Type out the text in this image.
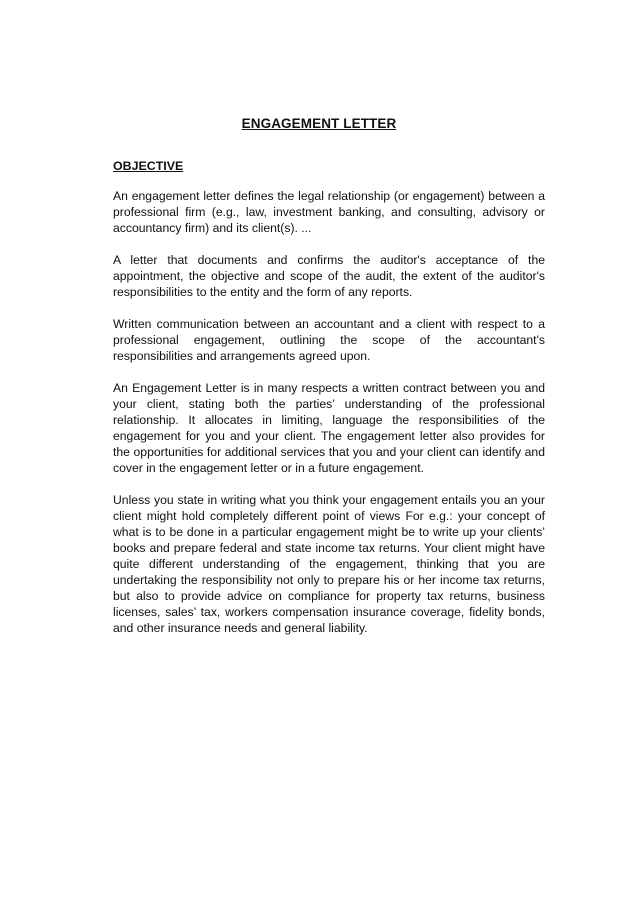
ENGAGEMENT LETTER

OBJECTIVE

An engagement letter defines the legal relationship (or engagement) between a professional firm (e.g., law, investment banking, and consulting, advisory or accountancy firm) and its client(s). ...

A letter that documents and confirms the auditor's acceptance of the appointment, the objective and scope of the audit, the extent of the auditor's responsibilities to the entity and the form of any reports.

Written communication between an accountant and a client with respect to a professional engagement, outlining the scope of the accountant's responsibilities and arrangements agreed upon.

An Engagement Letter is in many respects a written contract between you and your client, stating both the parties’ understanding of the professional relationship. It allocates in limiting, language the responsibilities of the engagement for you and your client. The engagement letter also provides for the opportunities for additional services that you and your client can identify and cover in the engagement letter or in a future engagement.

Unless you state in writing what you think your engagement entails you an your client might hold completely different point of views For e.g.: your concept of what is to be done in a particular engagement might be to write up your clients’ books and prepare federal and state income tax returns. Your client might have quite different understanding of the engagement, thinking that you are undertaking the responsibility not only to prepare his or her income tax returns, but also to provide advice on compliance for property tax returns, business licenses, sales’ tax, workers compensation insurance coverage, fidelity bonds, and other insurance needs and general liability.
